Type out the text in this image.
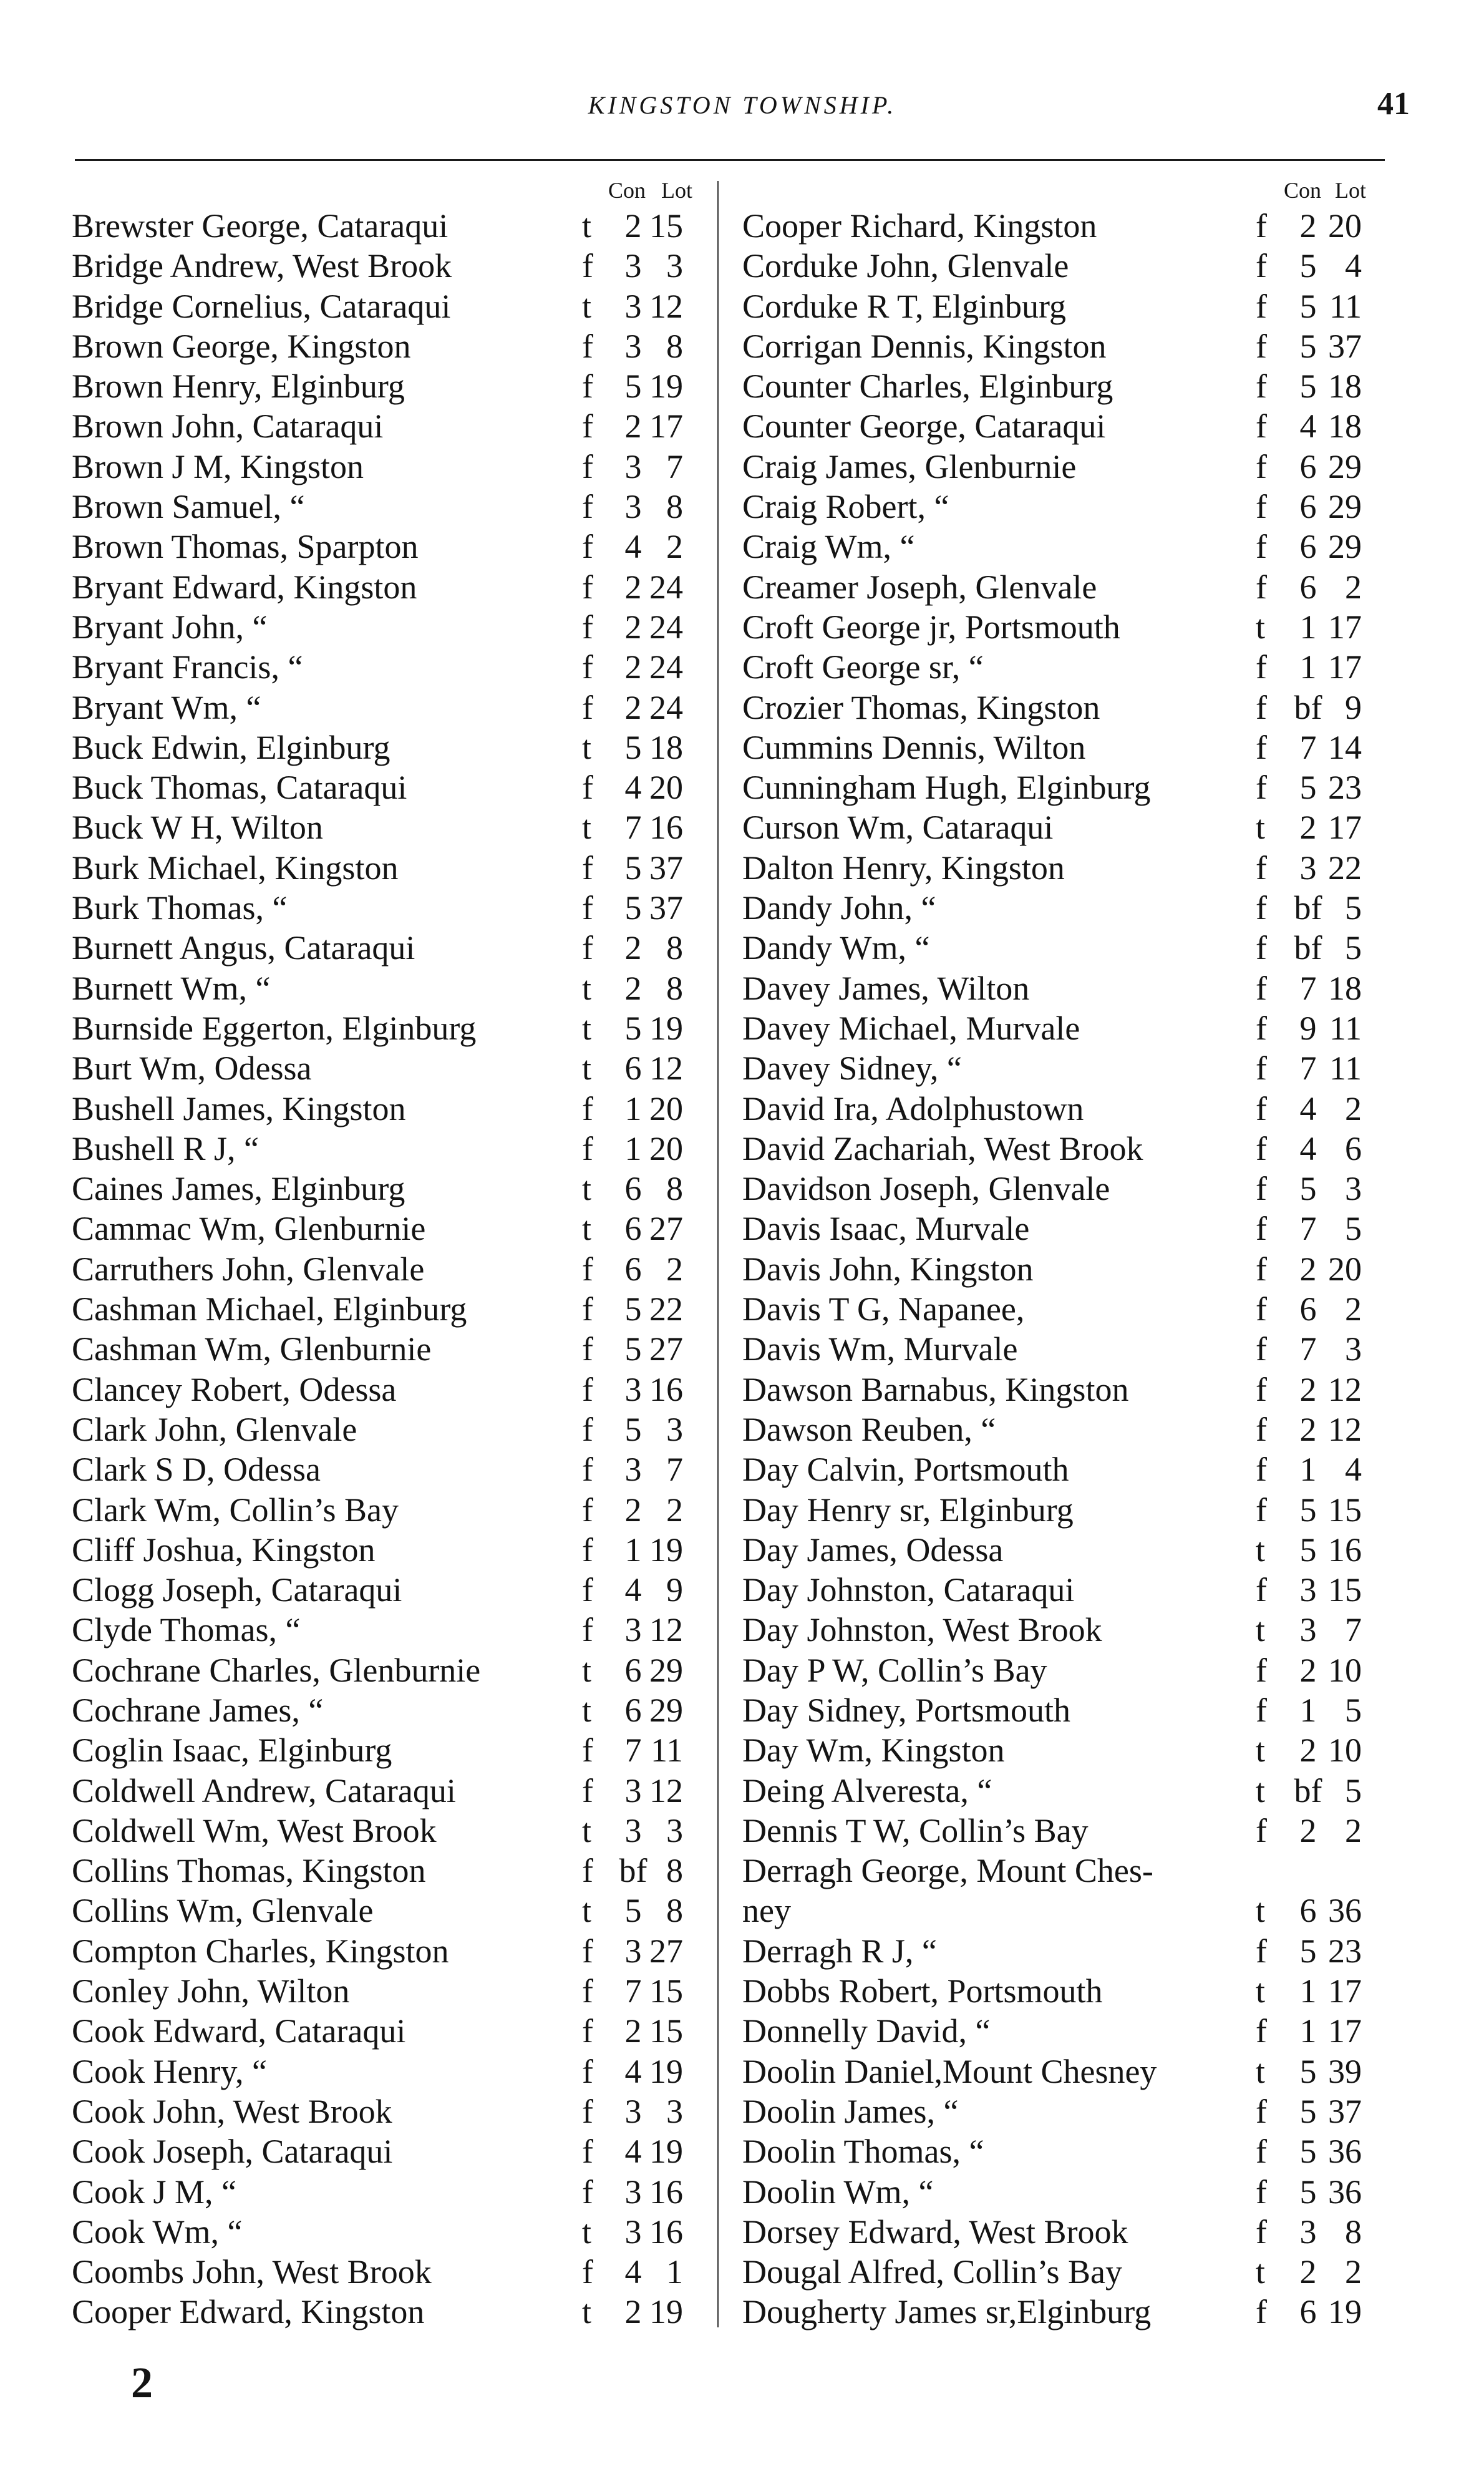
KINGSTON TOWNSHIP.	41
Con Lot
Brewster George, Cataraqui	t 2 15
Bridge Andrew, West Brook	f 3 3
Bridge Cornelius, Cataraqui	t 3 12
Brown George, Kingston	f 3 8
Brown Henry, Elginburg	f 5 19
Brown John, Cataraqui	f 2 17
Brown J M, Kingston	f 3 7
Brown Samuel, “	f 3 8
Brown Thomas, Sparpton	f 4 2
Bryant Edward, Kingston	f 2 24
Bryant John, “	f 2 24
Bryant Francis, “	f 2 24
Bryant Wm, “	f 2 24
Buck Edwin, Elginburg	t 5 18
Buck Thomas, Cataraqui	f 4 20
Buck W H, Wilton	t 7 16
Burk Michael, Kingston	f 5 37
Burk Thomas, “	f 5 37
Burnett Angus, Cataraqui	f 2 8
Burnett Wm, “	t 2 8
Burnside Eggerton, Elginburg	t 5 19
Burt Wm, Odessa	t 6 12
Bushell James, Kingston	f 1 20
Bushell R J, “	f 1 20
Caines James, Elginburg	t 6 8
Cammac Wm, Glenburnie	t 6 27
Carruthers John, Glenvale	f 6 2
Cashman Michael, Elginburg	f 5 22
Cashman Wm, Glenburnie	f 5 27
Clancey Robert, Odessa	f 3 16
Clark John, Glenvale	f 5 3
Clark S D, Odessa	f 3 7
Clark Wm, Collin’s Bay	f 2 2
Cliff Joshua, Kingston	f 1 19
Clogg Joseph, Cataraqui	f 4 9
Clyde Thomas, “	f 3 12
Cochrane Charles, Glenburnie	t 6 29
Cochrane James, “	t 6 29
Coglin Isaac, Elginburg	f 7 11
Coldwell Andrew, Cataraqui	f 3 12
Coldwell Wm, West Brook	t 3 3
Collins Thomas, Kingston	f bf 8
Collins Wm, Glenvale	t 5 8
Compton Charles, Kingston	f 3 27
Conley John, Wilton	f 7 15
Cook Edward, Cataraqui	f 2 15
Cook Henry, “	f 4 19
Cook John, West Brook	f 3 3
Cook Joseph, Cataraqui	f 4 19
Cook J M, “	f 3 16
Cook Wm, “	t 3 16
Coombs John, West Brook	f 4 1
Cooper Edward, Kingston	t 2 19
Con Lot
Cooper Richard, Kingston	f 2 20
Corduke John, Glenvale	f 5 4
Corduke R T, Elginburg	f 5 11
Corrigan Dennis, Kingston	f 5 37
Counter Charles, Elginburg	f 5 18
Counter George, Cataraqui	f 4 18
Craig James, Glenburnie	f 6 29
Craig Robert, “	f 6 29
Craig Wm, “	f 6 29
Creamer Joseph, Glenvale	f 6 2
Croft George jr, Portsmouth	t	1 17
Croft George sr, “	f 1 17
Crozier Thomas, Kingston	f bf 9
Cummins Dennis, Wilton	f 7 14
Cunningham Hugh, Elginburg	f 5 23
Curson Wm, Cataraqui	t	2 17
Dalton Henry, Kingston	f 3 22
Dandy John, “	f bf 5
Dandy Wm, “	f bf 5
Davey James, Wilton	f 7 18
Davey Michael, Murvale	f 9 11
Davey Sidney, “	f 7 11
David Ira, Adolphustown	f 4 2
David Zachariah, West Brook	f 4 6
Davidson Joseph, Glenvale	f 5 3
Davis Isaac, Murvale	f 7 5
Davis John, Kingston	f 2 20
Davis T G, Napanee,	f 6 2
Davis Wm, Murvale	f 7 3
Dawson Barnabus, Kingston	f 2 12
Dawson Reuben, “	f 2 12
Day Calvin, Portsmouth	f 1 4
Day Henry sr, Elginburg	f 5 15
Day James, Odessa	t	5 16
Day Johnston, Cataraqui	f 3 15
Day Johnston, West Brook	t	3 7
Day P W, Collin’s Bay	f 2 10
Day Sidney, Portsmouth	f 1 5
Day Wm, Kingston	t	2 10
Deing Alveresta, “	t bf 5
Dennis T W, Collin’s Bay	f 2 2
Derragh George, Mount Ches-
ney	t	6 36
Derragh R J, “	f 5 23
Dobbs Robert, Portsmouth	t	1 17
Donnelly David, “	f 1 17
Doolin Daniel,Mount Chesney	t	5 39
Doolin James, “	f 5 37
Doolin Thomas, “	f 5 36
Doolin Wm, “	f 5 36
Dorsey Edward, West Brook	f 3 8
Dougal Alfred, Collin’s Bay	t	2 2
Dougherty James sr,Elginburg	f 6 19
2
